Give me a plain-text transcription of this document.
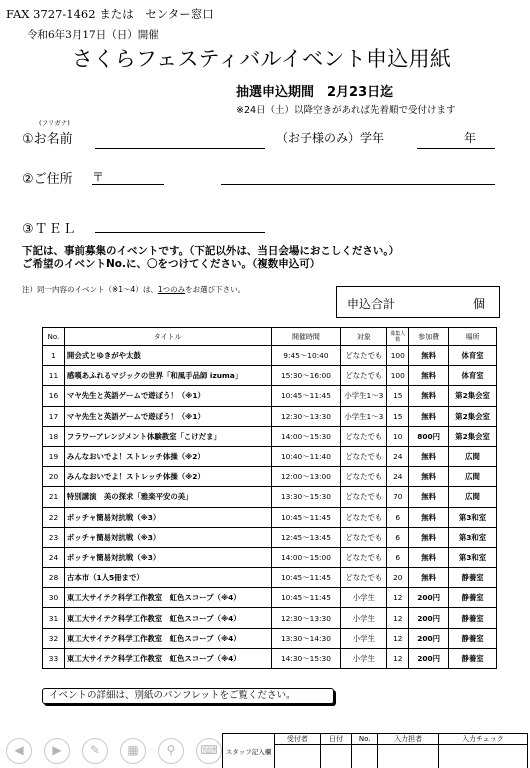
FAX 3727-1462 または　センター窓口
令和6年3月17日（日）開催
さくらフェスティバルイベント申込用紙
抽選申込期間　2月23日迄
※24日（土）以降空きがあれば先着順で受付けます
(フリガナ)
①お名前	（お子様のみ）学年	年
②ご住所 〒
③ＴＥＬ
下記は、事前募集のイベントです。（下記以外は、当日会場におこしください。）
ご希望のイベントNo.に、〇をつけてください。（複数申込可）
注）同一内容のイベント（※1〜4）は、1つのみをお選び下さい。
申込合計	個
No.	タイトル	開催時間	対象	募集人数	参加費	場所
1	開会式とゆきがや太鼓	9:45〜10:40	どなたでも	100	無料	体育室
11	感嘆あふれるマジックの世界「和風手品師 izuma」	15:30〜16:00	どなたでも	100	無料	体育室
16	マヤ先生と英語ゲームで遊ぼう！（※1）	10:45〜11:45	小学生1〜3	15	無料	第2集会室
17	マヤ先生と英語ゲームで遊ぼう！（※1）	12:30〜13:30	小学生1〜3	15	無料	第2集会室
18	フラワーアレンジメント体験教室「こけだま」	14:00〜15:30	どなたでも	10	800円	第2集会室
19	みんなおいでよ！ストレッチ体操（※2）	10:40〜11:40	どなたでも	24	無料	広間
20	みんなおいでよ！ストレッチ体操（※2）	12:00〜13:00	どなたでも	24	無料	広間
21	特別講演　美の探求「雅楽平安の美」	13:30〜15:30	どなたでも	70	無料	広間
22	ボッチャ簡易対抗戦（※3）	10:45〜11:45	どなたでも	6	無料	第3和室
23	ボッチャ簡易対抗戦（※3）	12:45〜13:45	どなたでも	6	無料	第3和室
24	ボッチャ簡易対抗戦（※3）	14:00〜15:00	どなたでも	6	無料	第3和室
28	古本市（1人5冊まで）	10:45〜11:45	どなたでも	20	無料	静養室
30	東工大サイテク科学工作教室　虹色スコープ（※4）	10:45〜11:45	小学生	12	200円	静養室
31	東工大サイテク科学工作教室　虹色スコープ（※4）	12:30〜13:30	小学生	12	200円	静養室
32	東工大サイテク科学工作教室　虹色スコープ（※4）	13:30〜14:30	小学生	12	200円	静養室
33	東工大サイテク科学工作教室　虹色スコープ（※4）	14:30〜15:30	小学生	12	200円	静養室
イベントの詳細は、別紙のパンフレットをご覧ください。
スタッフ記入欄	受付者	日付	No.	入力担者	入力チェック

◀	▶	✎	▦	⚲	⌨
